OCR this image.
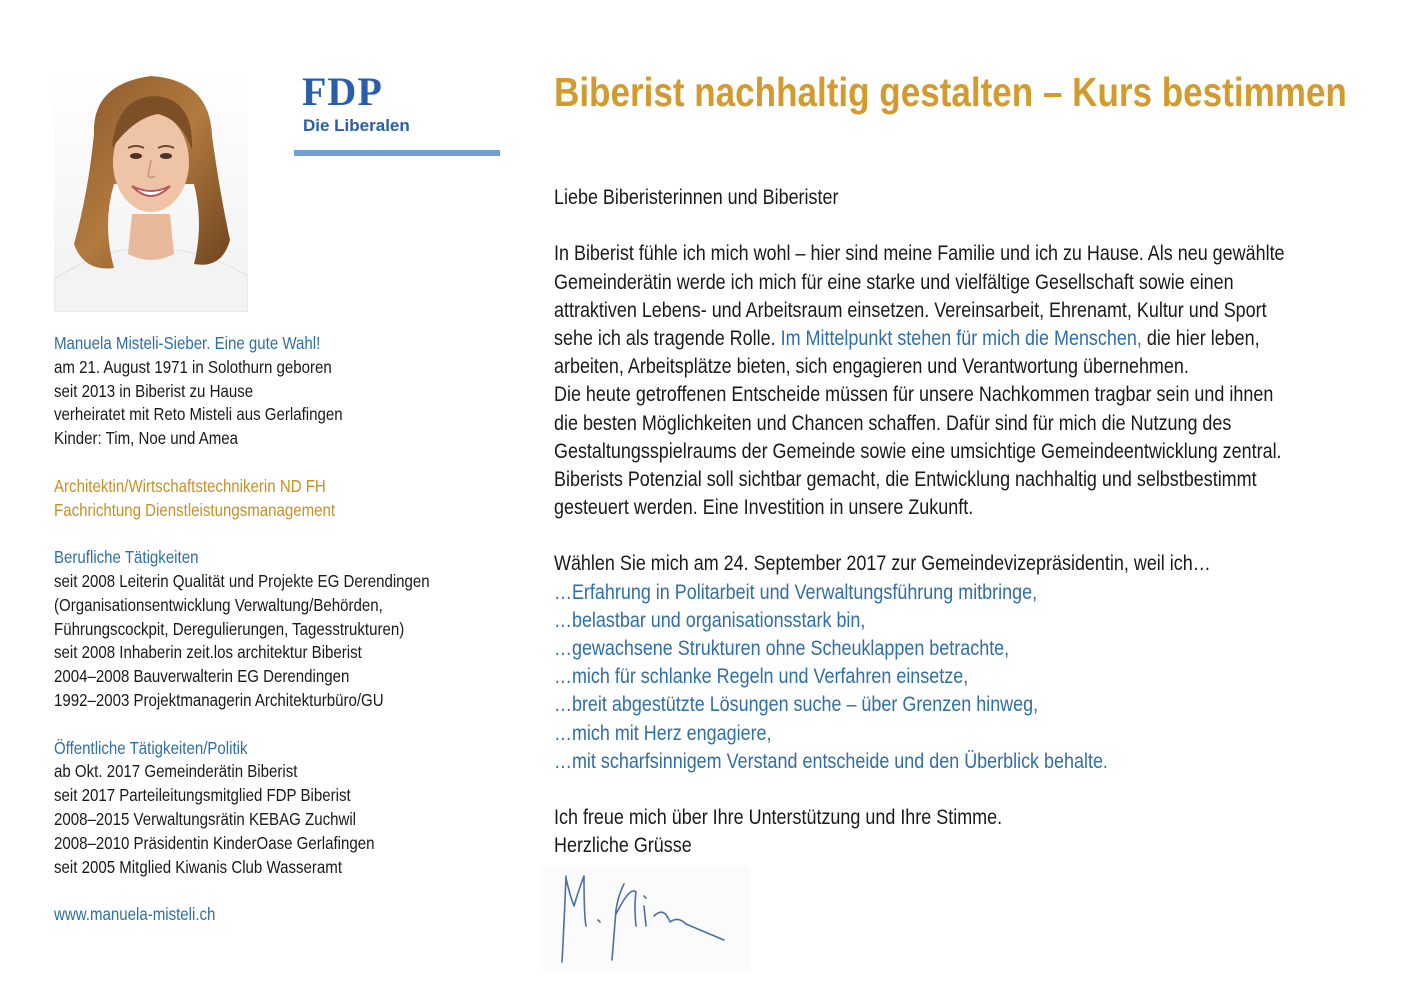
FDP
Die Liberalen
Manuela Misteli-Sieber. Eine gute Wahl!
am 21. August 1971 in Solothurn geboren
seit 2013 in Biberist zu Hause
verheiratet mit Reto Misteli aus Gerlafingen
Kinder: Tim, Noe und Amea
Architektin/Wirtschaftstechnikerin ND FH
Fachrichtung Dienstleistungsmanagement
Berufliche Tätigkeiten
seit 2008 Leiterin Qualität und Projekte EG Derendingen
(Organisationsentwicklung Verwaltung/Behörden,
Führungscockpit, Deregulierungen, Tagesstrukturen)
seit 2008 Inhaberin zeit.los architektur Biberist
2004–2008 Bauverwalterin EG Derendingen
1992–2003 Projektmanagerin Architekturbüro/GU
Öffentliche Tätigkeiten/Politik
ab Okt. 2017 Gemeinderätin Biberist
seit 2017 Parteileitungsmitglied FDP Biberist
2008–2015 Verwaltungsrätin KEBAG Zuchwil
2008–2010 Präsidentin KinderOase Gerlafingen
seit 2005 Mitglied Kiwanis Club Wasseramt
www.manuela-misteli.ch
Biberist nachhaltig gestalten – Kurs bestimmen
Liebe Biberisterinnen und Biberister
In Biberist fühle ich mich wohl – hier sind meine Familie und ich zu Hause. Als neu gewählte
Gemeinderätin werde ich mich für eine starke und vielfältige Gesellschaft sowie einen
attraktiven Lebens- und Arbeitsraum einsetzen. Vereinsarbeit, Ehrenamt, Kultur und Sport
sehe ich als tragende Rolle. Im Mittelpunkt stehen für mich die Menschen, die hier leben,
arbeiten, Arbeitsplätze bieten, sich engagieren und Verantwortung übernehmen.
Die heute getroffenen Entscheide müssen für unsere Nachkommen tragbar sein und ihnen
die besten Möglichkeiten und Chancen schaffen. Dafür sind für mich die Nutzung des
Gestaltungsspielraums der Gemeinde sowie eine umsichtige Gemeindeentwicklung zentral.
Biberists Potenzial soll sichtbar gemacht, die Entwicklung nachhaltig und selbstbestimmt
gesteuert werden. Eine Investition in unsere Zukunft.
Wählen Sie mich am 24. September 2017 zur Gemeindevizepräsidentin, weil ich…
…Erfahrung in Politarbeit und Verwaltungsführung mitbringe,
…belastbar und organisationsstark bin,
…gewachsene Strukturen ohne Scheuklappen betrachte,
…mich für schlanke Regeln und Verfahren einsetze,
…breit abgestützte Lösungen suche – über Grenzen hinweg,
…mich mit Herz engagiere,
…mit scharfsinnigem Verstand entscheide und den Überblick behalte.
Ich freue mich über Ihre Unterstützung und Ihre Stimme.
Herzliche Grüsse
